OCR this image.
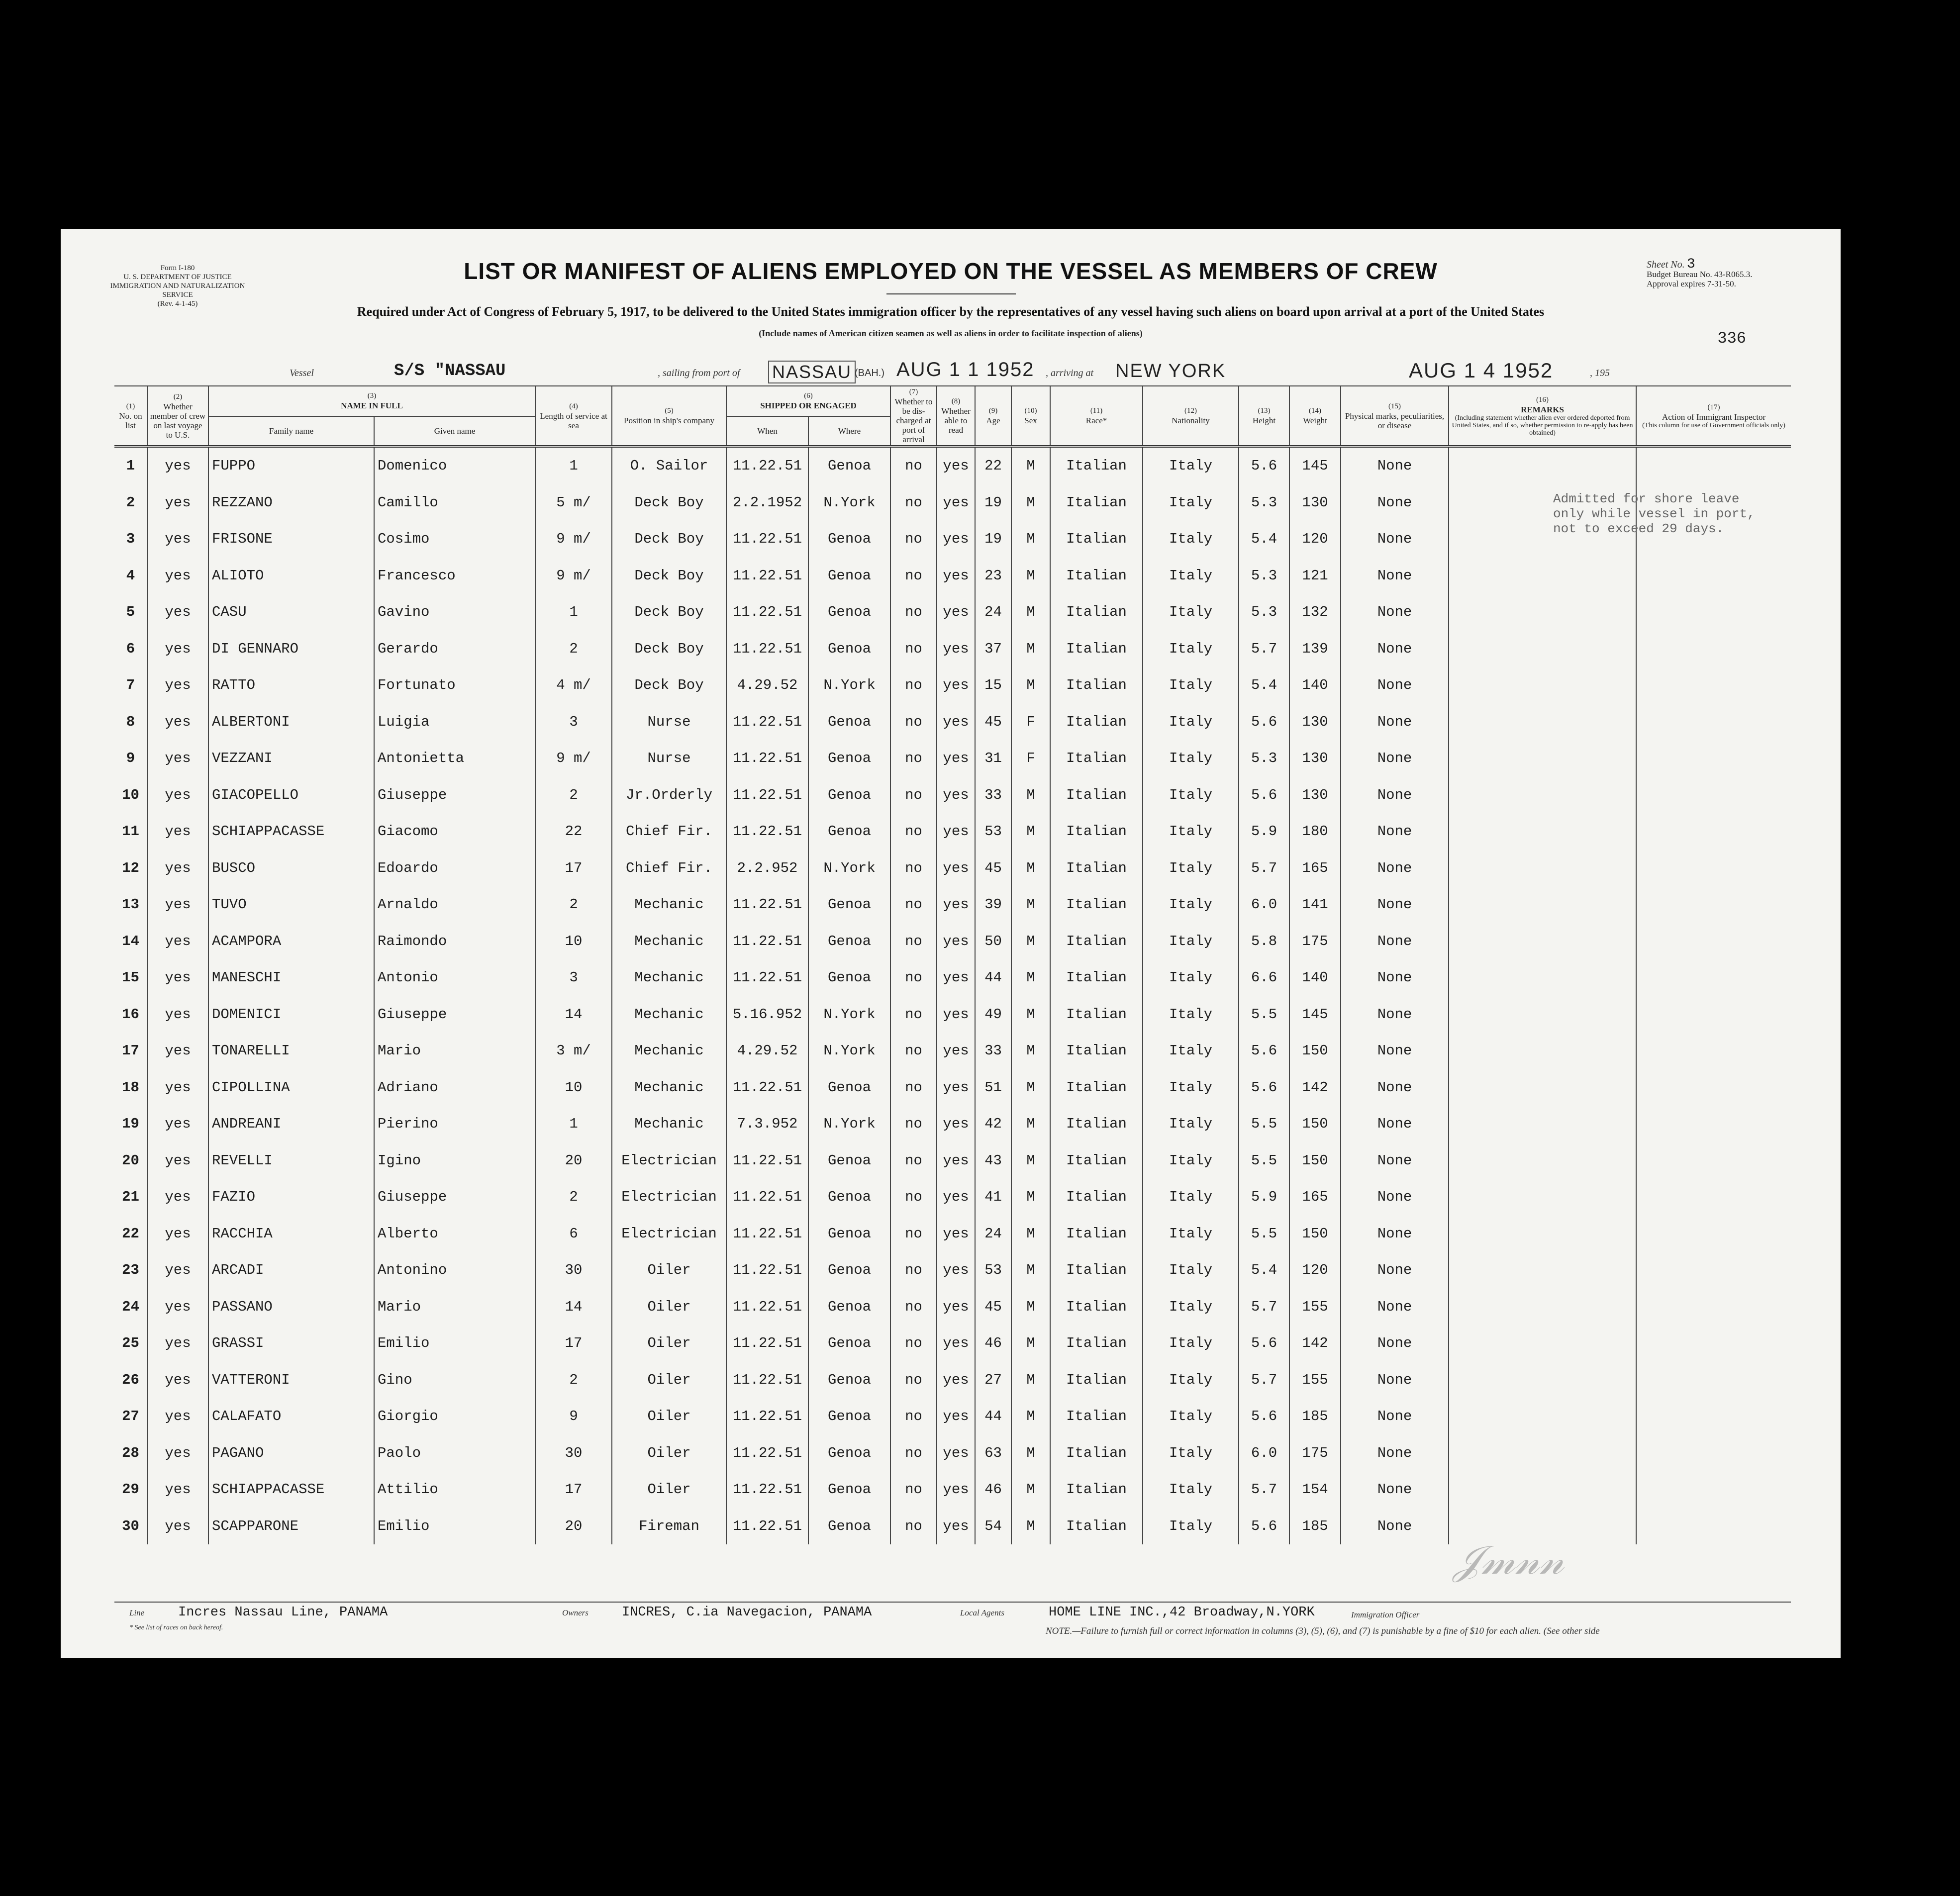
Form I-180
U. S. DEPARTMENT OF JUSTICE
IMMIGRATION AND NATURALIZATION SERVICE
(Rev. 4-1-45)
LIST OR MANIFEST OF ALIENS EMPLOYED ON THE VESSEL AS MEMBERS OF CREW
Required under Act of Congress of February 5, 1917, to be delivered to the United States immigration officer by the representatives of any vessel having such aliens on board upon arrival at a port of the United States
(Include names of American citizen seamen as well as aliens in order to facilitate inspection of aliens)
Sheet No. 3
Budget Bureau No. 43-R065.3.
Approval expires 7-31-50.
336
Vessel	S/S "NASSAU	, sailing from port of NASSAU (BAH.) AUG 1 1 1952 , arriving at NEW YORK	AUG 1 4 1952	, 195
(1)
No. on list	(2)
Whether member of crew on last voyage to U.S.	(3)
NAME IN FULL		(4)
Length of service at sea	(5)
Position in ship's company	(6)
SHIPPED OR ENGAGED		(7)
Whether to be dis-charged at port of arrival	(8)
Whether able to read	(9)
Age	(10)
Sex	(11)
Race*	(12)
Nationality	(13)
Height	(14)
Weight	(15)
Physical marks, peculiarities, or disease	(16)
REMARKS
(Including statement whether alien ever ordered deported from United States, and if so, whether permission to re-apply has been obtained)	(17)
Action of Immigrant Inspector
(This column for use of Government officials only)

		Family name	Given name			When	Where											
1	yes	FUPPO	Domenico	1	O. Sailor	11.22.51	Genoa	no	yes	22	M	Italian	Italy	5.6	145	None		
2	yes	REZZANO	Camillo	5 m/	Deck Boy	2.2.1952	N.York	no	yes	19	M	Italian	Italy	5.3	130	None		
3	yes	FRISONE	Cosimo	9 m/	Deck Boy	11.22.51	Genoa	no	yes	19	M	Italian	Italy	5.4	120	None		
4	yes	ALIOTO	Francesco	9 m/	Deck Boy	11.22.51	Genoa	no	yes	23	M	Italian	Italy	5.3	121	None		
5	yes	CASU	Gavino	1	Deck Boy	11.22.51	Genoa	no	yes	24	M	Italian	Italy	5.3	132	None		
6	yes	DI GENNARO	Gerardo	2	Deck Boy	11.22.51	Genoa	no	yes	37	M	Italian	Italy	5.7	139	None		
7	yes	RATTO	Fortunato	4 m/	Deck Boy	4.29.52	N.York	no	yes	15	M	Italian	Italy	5.4	140	None		
8	yes	ALBERTONI	Luigia	3	Nurse	11.22.51	Genoa	no	yes	45	F	Italian	Italy	5.6	130	None		
9	yes	VEZZANI	Antonietta	9 m/	Nurse	11.22.51	Genoa	no	yes	31	F	Italian	Italy	5.3	130	None		
10	yes	GIACOPELLO	Giuseppe	2	Jr.Orderly	11.22.51	Genoa	no	yes	33	M	Italian	Italy	5.6	130	None		
11	yes	SCHIAPPACASSE	Giacomo	22	Chief Fir.	11.22.51	Genoa	no	yes	53	M	Italian	Italy	5.9	180	None		
12	yes	BUSCO	Edoardo	17	Chief Fir.	2.2.952	N.York	no	yes	45	M	Italian	Italy	5.7	165	None		
13	yes	TUVO	Arnaldo	2	Mechanic	11.22.51	Genoa	no	yes	39	M	Italian	Italy	6.0	141	None		
14	yes	ACAMPORA	Raimondo	10	Mechanic	11.22.51	Genoa	no	yes	50	M	Italian	Italy	5.8	175	None		
15	yes	MANESCHI	Antonio	3	Mechanic	11.22.51	Genoa	no	yes	44	M	Italian	Italy	6.6	140	None		
16	yes	DOMENICI	Giuseppe	14	Mechanic	5.16.952	N.York	no	yes	49	M	Italian	Italy	5.5	145	None		
17	yes	TONARELLI	Mario	3 m/	Mechanic	4.29.52	N.York	no	yes	33	M	Italian	Italy	5.6	150	None		
18	yes	CIPOLLINA	Adriano	10	Mechanic	11.22.51	Genoa	no	yes	51	M	Italian	Italy	5.6	142	None		
19	yes	ANDREANI	Pierino	1	Mechanic	7.3.952	N.York	no	yes	42	M	Italian	Italy	5.5	150	None		
20	yes	REVELLI	Igino	20	Electrician	11.22.51	Genoa	no	yes	43	M	Italian	Italy	5.5	150	None		
21	yes	FAZIO	Giuseppe	2	Electrician	11.22.51	Genoa	no	yes	41	M	Italian	Italy	5.9	165	None		
22	yes	RACCHIA	Alberto	6	Electrician	11.22.51	Genoa	no	yes	24	M	Italian	Italy	5.5	150	None		
23	yes	ARCADI	Antonino	30	Oiler	11.22.51	Genoa	no	yes	53	M	Italian	Italy	5.4	120	None		
24	yes	PASSANO	Mario	14	Oiler	11.22.51	Genoa	no	yes	45	M	Italian	Italy	5.7	155	None		
25	yes	GRASSI	Emilio	17	Oiler	11.22.51	Genoa	no	yes	46	M	Italian	Italy	5.6	142	None		
26	yes	VATTERONI	Gino	2	Oiler	11.22.51	Genoa	no	yes	27	M	Italian	Italy	5.7	155	None		
27	yes	CALAFATO	Giorgio	9	Oiler	11.22.51	Genoa	no	yes	44	M	Italian	Italy	5.6	185	None		
28	yes	PAGANO	Paolo	30	Oiler	11.22.51	Genoa	no	yes	63	M	Italian	Italy	6.0	175	None		
29	yes	SCHIAPPACASSE	Attilio	17	Oiler	11.22.51	Genoa	no	yes	46	M	Italian	Italy	5.7	154	None		
30	yes	SCAPPARONE	Emilio	20	Fireman	11.22.51	Genoa	no	yes	54	M	Italian	Italy	5.6	185	None		
Admitted for shore leave only while vessel in port, not to exceed 29 days.
𝒥𝓂𝓃𝓃
Line	Incres Nassau Line, PANAMA	Owners INCRES, C.ia Navegacion, PANAMA	Local Agents	HOME LINE INC.,42 Broadway,N.YORK	Immigration Officer
* See list of races on back hereof.	NOTE.—Failure to furnish full or correct information in columns (3), (5), (6), and (7) is punishable by a fine of $10 for each alien. (See other side
